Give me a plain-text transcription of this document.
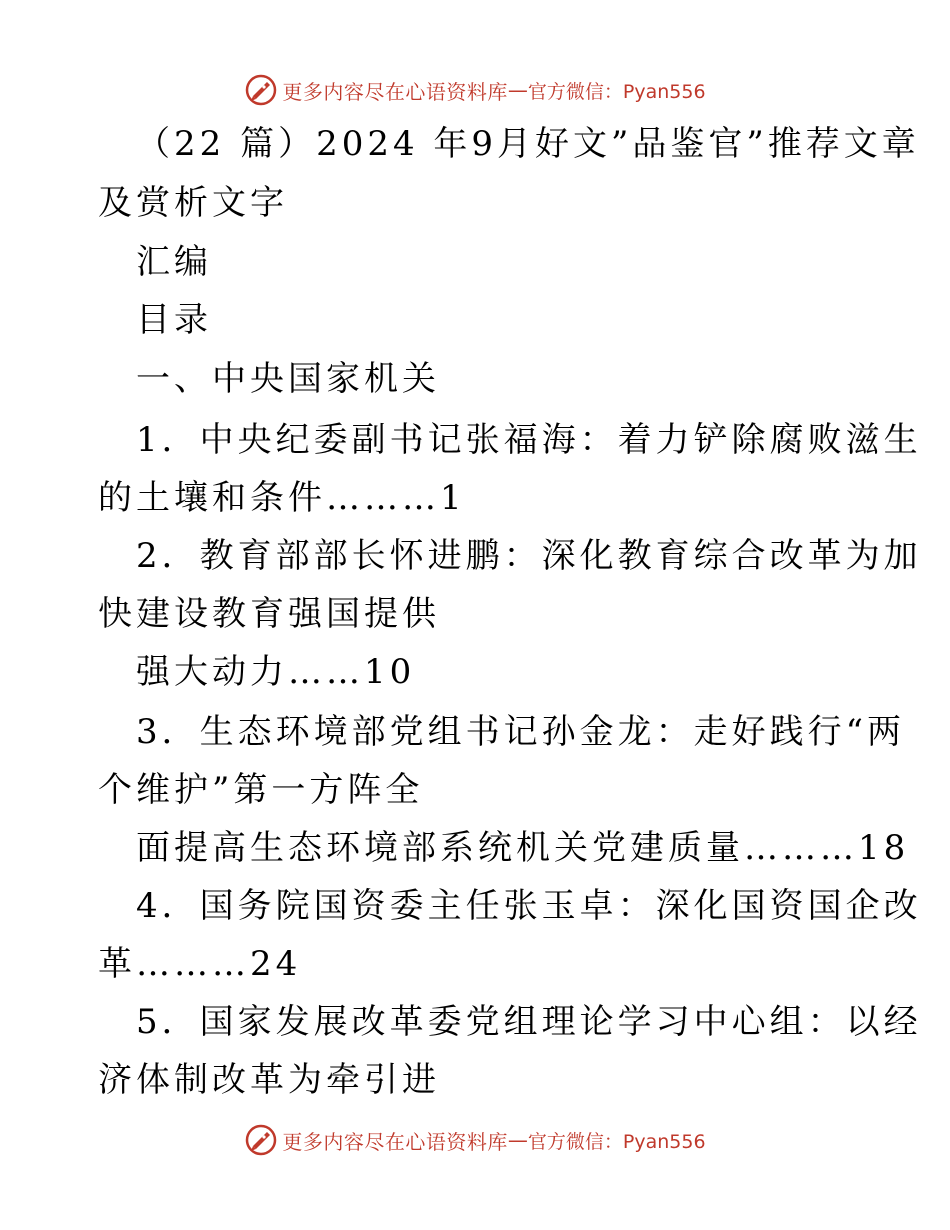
更多内容尽在心语资料库 — 官方微信：Pyan556
（22 篇）2024 年9月好文”品鉴官”推荐文章
及赏析文字
汇编
目录
一、中央国家机关
1．中央纪委副书记张福海：着力铲除腐败滋生
的土壤和条件………1
2．教育部部长怀进鹏：深化教育综合改革为加
快建设教育强国提供
强大动力……10
3．生态环境部党组书记孙金龙：走好践行“两
个维护”第一方阵全
面提高生态环境部系统机关党建质量………18
4．国务院国资委主任张玉卓：深化国资国企改
革………24
5．国家发展改革委党组理论学习中心组：以经
济体制改革为牵引进
更多内容尽在心语资料库 — 官方微信：Pyan556
